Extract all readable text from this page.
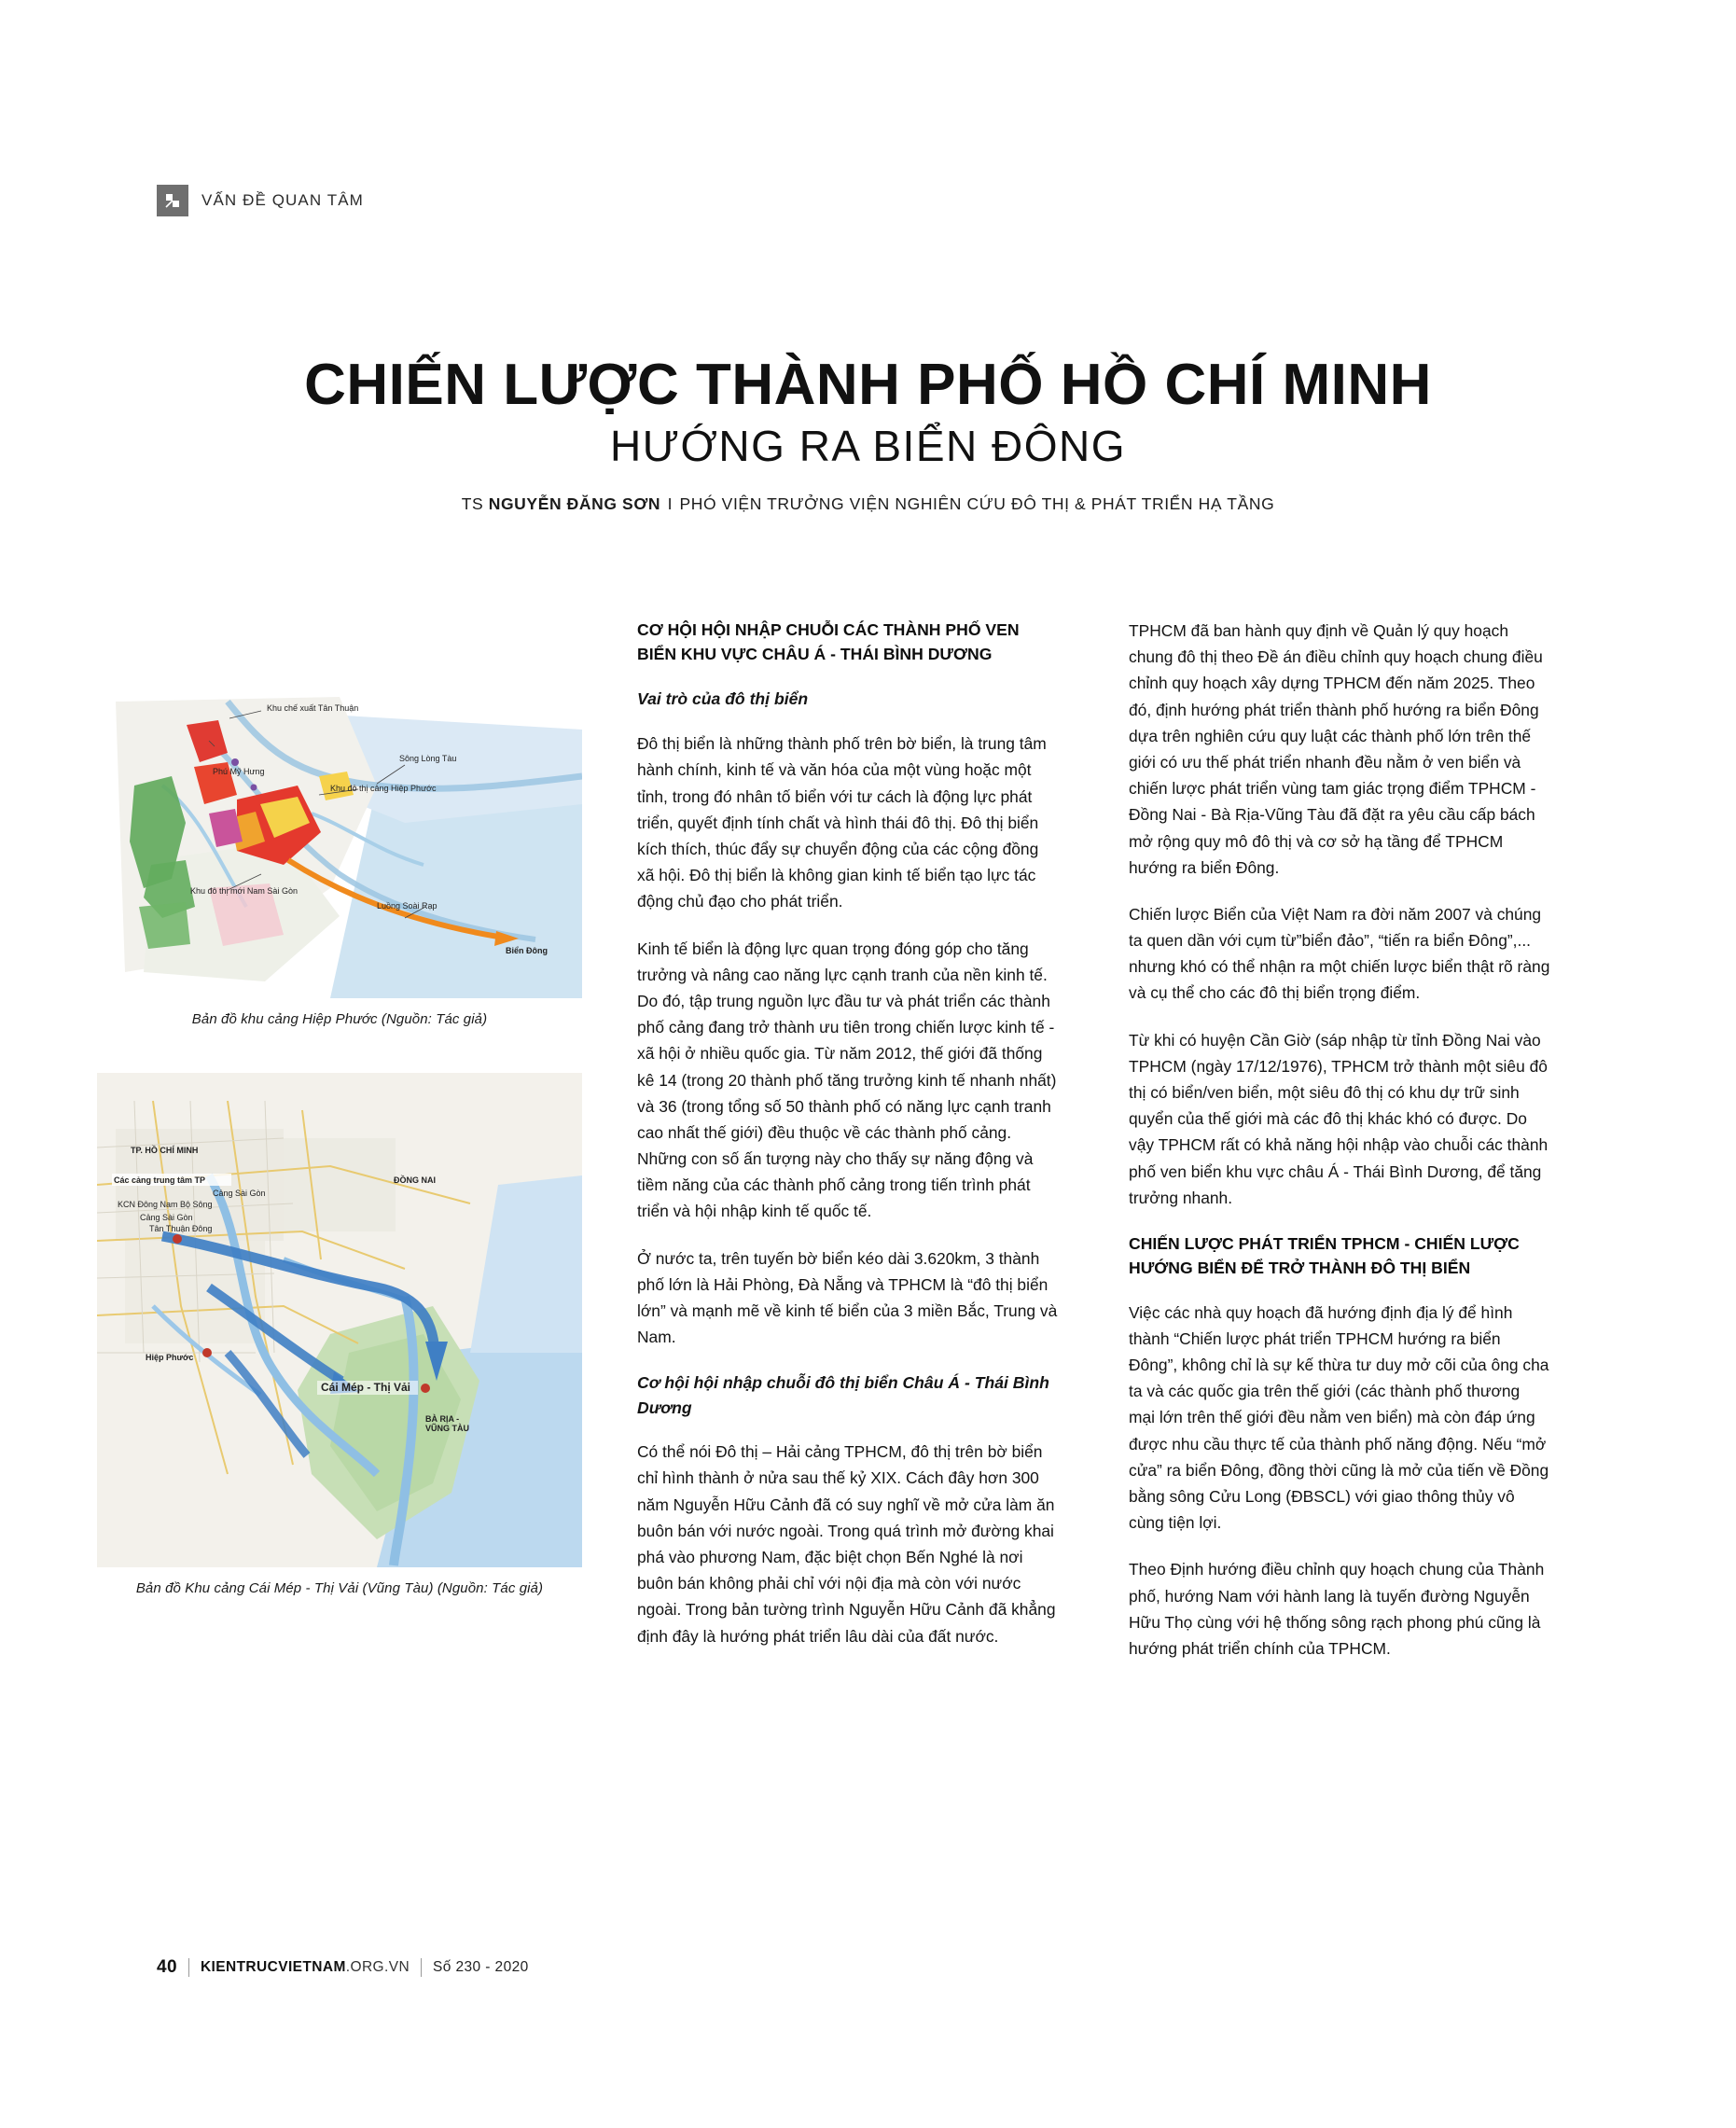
VẤN ĐỀ QUAN TÂM
CHIẾN LƯỢC THÀNH PHỐ HỒ CHÍ MINH
HƯỚNG RA BIỂN ĐÔNG
TS NGUYỄN ĐĂNG SƠN I PHÓ VIỆN TRƯỞNG VIỆN NGHIÊN CỨU ĐÔ THỊ & PHÁT TRIỂN HẠ TẦNG
Khu chế xuất Tân Thuận
Sông Lòng Tàu
Phú Mỹ Hưng
Khu đô thị cảng Hiệp Phước
Khu đô thị mới Nam Sài Gòn
Luồng Soài Rạp
Biển Đông
Bản đồ khu cảng Hiệp Phước (Nguồn: Tác giả)
TP. HỒ CHÍ MINH
Các cảng trung tâm TP
Cảng Sài Gòn
KCN Đông Nam Bộ Sông
Cảng Sài Gòn
Tân Thuận Đông
ĐỒNG NAI
Hiệp Phước
Cái Mép - Thị Vải
BÀ RỊA - VŨNG TÀU
Bản đồ Khu cảng Cái Mép - Thị Vải (Vũng Tàu) (Nguồn: Tác giả)
CƠ HỘI HỘI NHẬP CHUỖI CÁC THÀNH PHỐ VEN BIỂN KHU VỰC CHÂU Á - THÁI BÌNH DƯƠNG
Vai trò của đô thị biển

Đô thị biển là những thành phố trên bờ biển, là trung tâm hành chính, kinh tế và văn hóa của một vùng hoặc một tỉnh, trong đó nhân tố biển với tư cách là động lực phát triển, quyết định tính chất và hình thái đô thị. Đô thị biển kích thích, thúc đẩy sự chuyển động của các cộng đồng xã hội. Đô thị biển là không gian kinh tế biển tạo lực tác động chủ đạo cho phát triển.

Kinh tế biển là động lực quan trọng đóng góp cho tăng trưởng và nâng cao năng lực cạnh tranh của nền kinh tế. Do đó, tập trung nguồn lực đầu tư và phát triển các thành phố cảng đang trở thành ưu tiên trong chiến lược kinh tế - xã hội ở nhiều quốc gia. Từ năm 2012, thế giới đã thống kê 14 (trong 20 thành phố tăng trưởng kinh tế nhanh nhất) và 36 (trong tổng số 50 thành phố có năng lực cạnh tranh cao nhất thế giới) đều thuộc về các thành phố cảng. Những con số ấn tượng này cho thấy sự năng động và tiềm năng của các thành phố cảng trong tiến trình phát triển và hội nhập kinh tế quốc tế.

Ở nước ta, trên tuyến bờ biển kéo dài 3.620km, 3 thành phố lớn là Hải Phòng, Đà Nẵng và TPHCM là “đô thị biển lớn” và mạnh mẽ về kinh tế biển của 3 miền Bắc, Trung và Nam.

Cơ hội hội nhập chuỗi đô thị biển Châu Á - Thái Bình Dương

Có thể nói Đô thị – Hải cảng TPHCM, đô thị trên bờ biển chỉ hình thành ở nửa sau thế kỷ XIX. Cách đây hơn 300 năm Nguyễn Hữu Cảnh đã có suy nghĩ về mở cửa làm ăn buôn bán với nước ngoài. Trong quá trình mở đường khai phá vào phương Nam, đặc biệt chọn Bến Nghé là nơi buôn bán không phải chỉ với nội địa mà còn với nước ngoài. Trong bản tường trình Nguyễn Hữu Cảnh đã khẳng định đây là hướng phát triển lâu dài của đất nước.

TPHCM đã ban hành quy định về Quản lý quy hoạch chung đô thị theo Đề án điều chỉnh quy hoạch chung điều chỉnh quy hoạch xây dựng TPHCM đến năm 2025. Theo đó, định hướng phát triển thành phố hướng ra biển Đông dựa trên nghiên cứu quy luật các thành phố lớn trên thế giới có ưu thế phát triển nhanh đều nằm ở ven biển và chiến lược phát triển vùng tam giác trọng điểm TPHCM - Đồng Nai - Bà Rịa-Vũng Tàu đã đặt ra yêu cầu cấp bách mở rộng quy mô đô thị và cơ sở hạ tầng để TPHCM hướng ra biển Đông.

Chiến lược Biển của Việt Nam ra đời năm 2007 và chúng ta quen dần với cụm từ”biển đảo”, “tiến ra biển Đông”,... nhưng khó có thể nhận ra một chiến lược biển thật rõ ràng và cụ thể cho các đô thị biển trọng điểm.

Từ khi có huyện Cần Giờ (sáp nhập từ tỉnh Đồng Nai vào TPHCM (ngày 17/12/1976), TPHCM trở thành một siêu đô thị có biển/ven biển, một siêu đô thị có khu dự trữ sinh quyển của thế giới mà các đô thị khác khó có được. Do vậy TPHCM rất có khả năng hội nhập vào chuỗi các thành phố ven biển khu vực châu Á - Thái Bình Dương, để tăng trưởng nhanh.

CHIẾN LƯỢC PHÁT TRIỂN TPHCM - CHIẾN LƯỢC HƯỚNG BIỂN ĐỂ TRỞ THÀNH ĐÔ THỊ BIỂN

Việc các nhà quy hoạch đã hướng định địa lý để hình thành “Chiến lược phát triển TPHCM hướng ra biển Đông”, không chỉ là sự kế thừa tư duy mở cõi của ông cha ta và các quốc gia trên thế giới (các thành phố thương mại lớn trên thế giới đều nằm ven biển) mà còn đáp ứng được nhu cầu thực tế của thành phố năng động. Nếu “mở cửa” ra biển Đông, đồng thời cũng là mở của tiến về Đồng bằng sông Cửu Long (ĐBSCL) với giao thông thủy vô cùng tiện lợi.

Theo Định hướng điều chỉnh quy hoạch chung của Thành phố, hướng Nam với hành lang là tuyến đường Nguyễn Hữu Thọ cùng với hệ thống sông rạch phong phú cũng là hướng phát triển chính của TPHCM.

40 KIENTRUCVIETNAM.ORG.VN Số 230 - 2020
